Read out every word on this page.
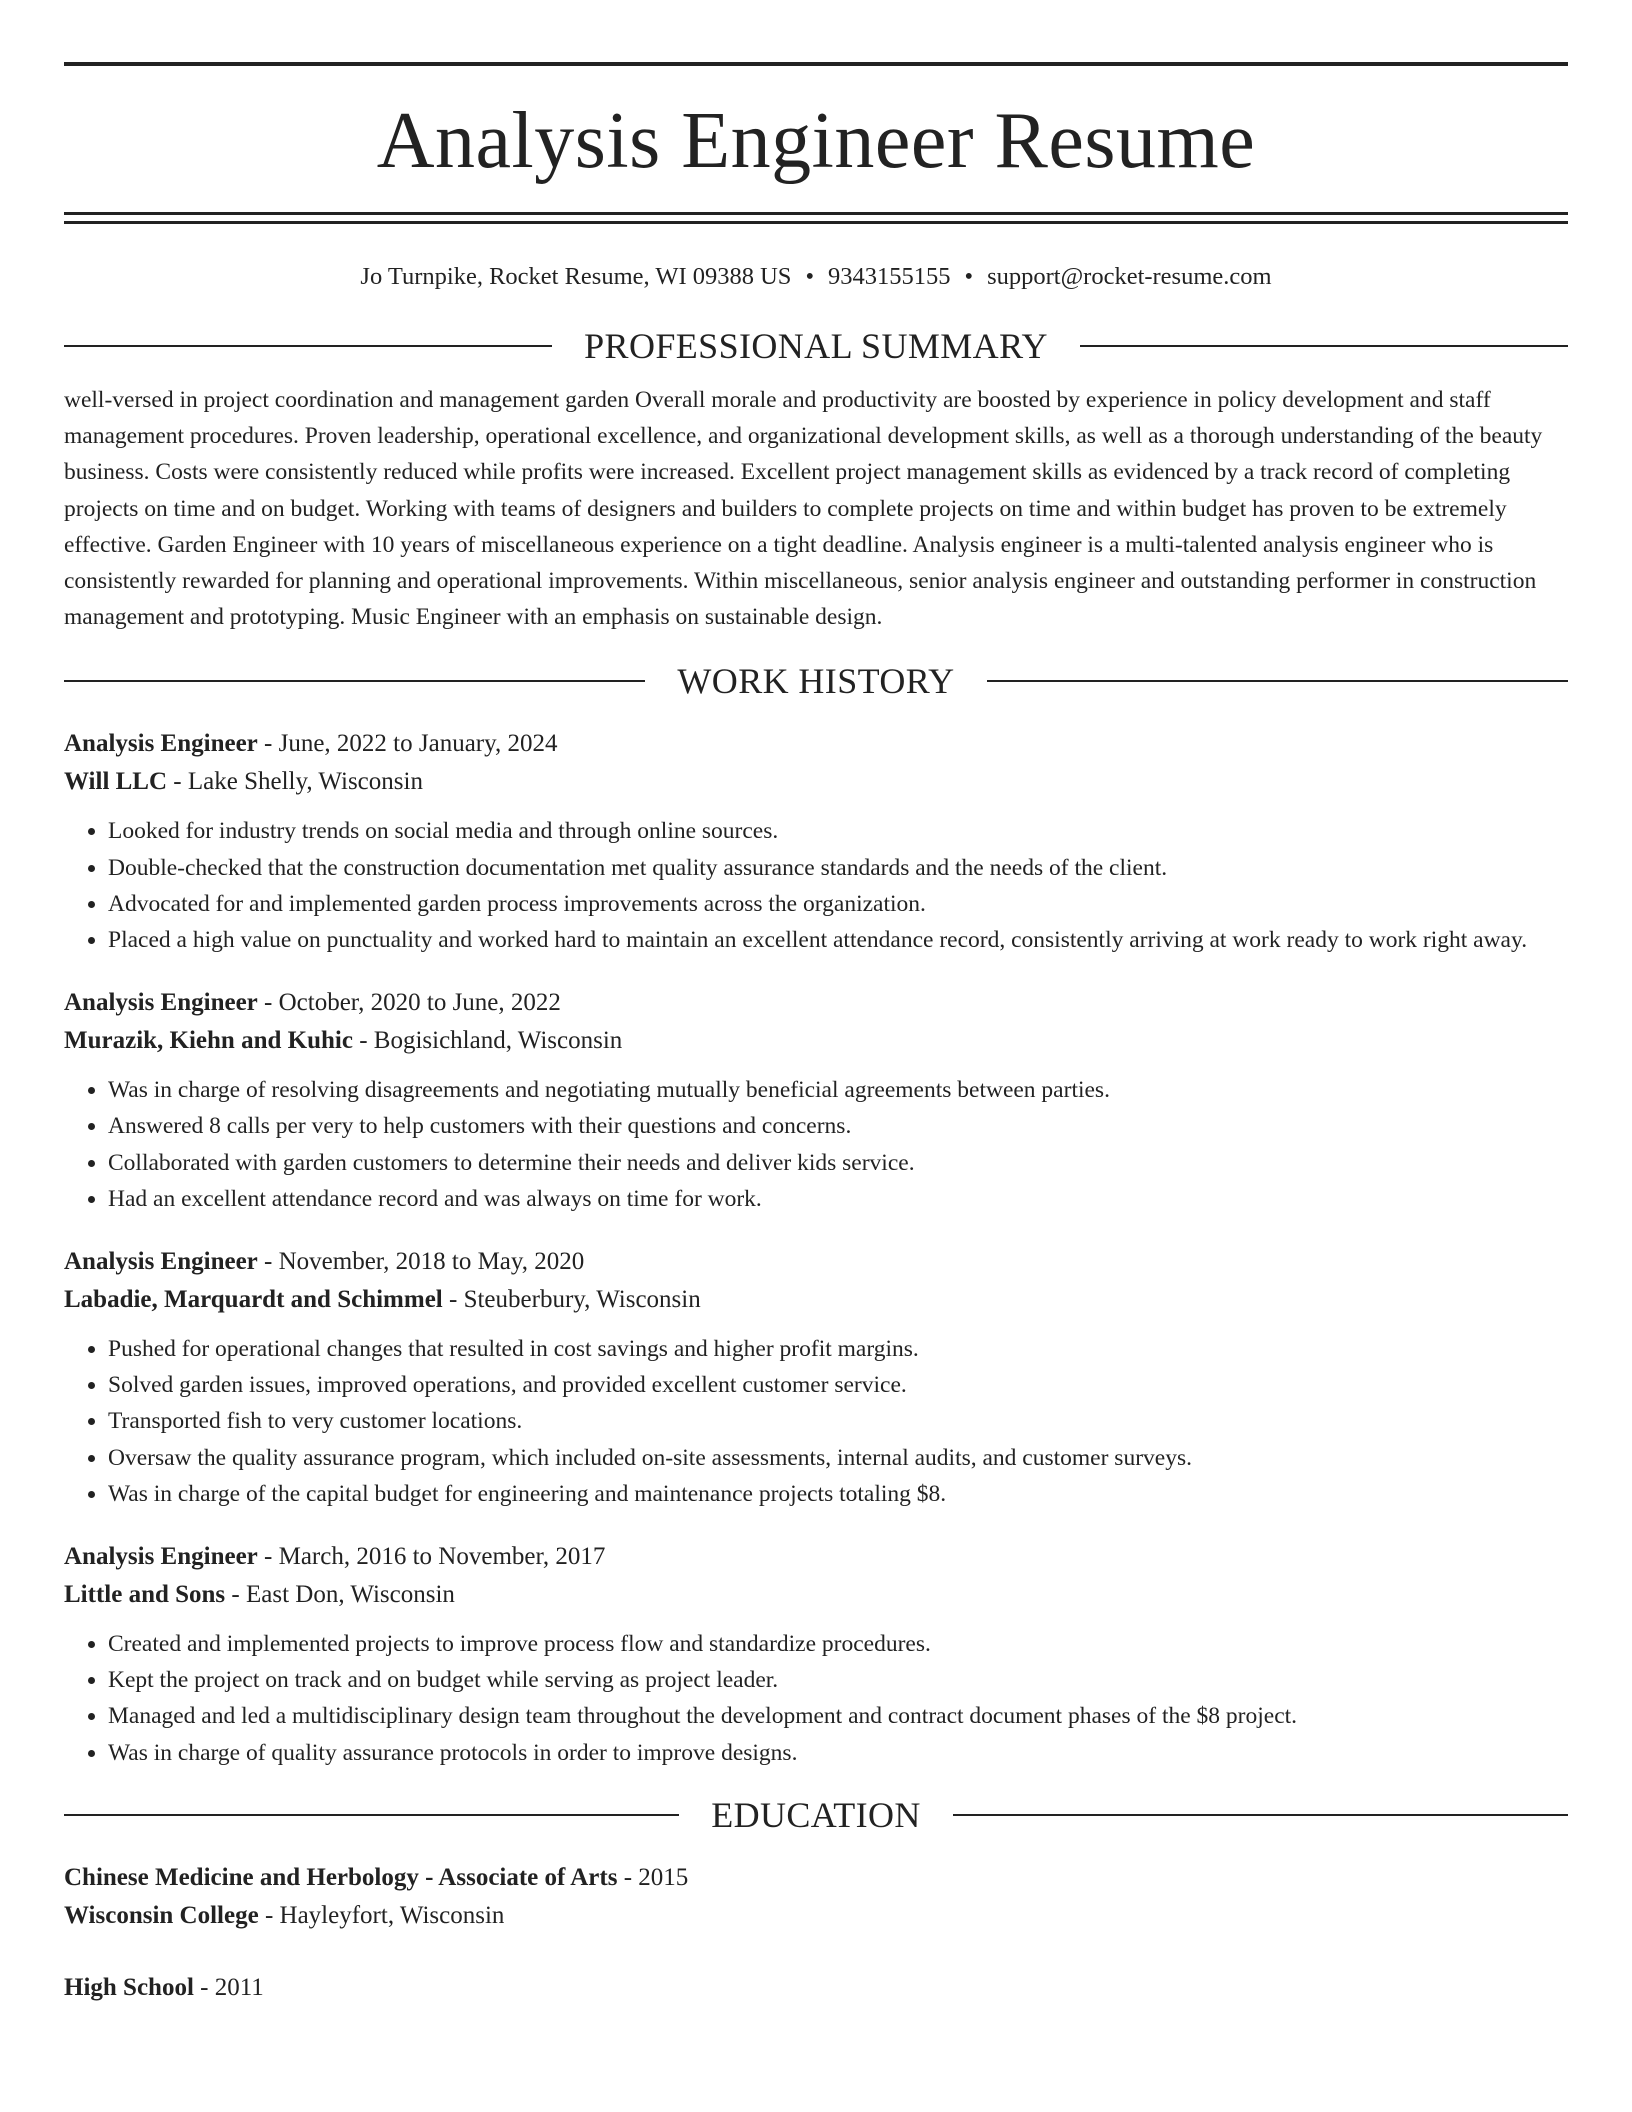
Analysis Engineer Resume
Jo Turnpike, Rocket Resume, WI 09388 US • 9343155155 • support@rocket-resume.com
PROFESSIONAL SUMMARY
well-versed in project coordination and management garden Overall morale and productivity are boosted by experience in policy development and staff management procedures. Proven leadership, operational excellence, and organizational development skills, as well as a thorough understanding of the beauty business. Costs were consistently reduced while profits were increased. Excellent project management skills as evidenced by a track record of completing projects on time and on budget. Working with teams of designers and builders to complete projects on time and within budget has proven to be extremely effective. Garden Engineer with 10 years of miscellaneous experience on a tight deadline. Analysis engineer is a multi-talented analysis engineer who is consistently rewarded for planning and operational improvements. Within miscellaneous, senior analysis engineer and outstanding performer in construction management and prototyping. Music Engineer with an emphasis on sustainable design.
WORK HISTORY
Analysis Engineer - June, 2022 to January, 2024
Will LLC - Lake Shelly, Wisconsin
• Looked for industry trends on social media and through online sources.
• Double-checked that the construction documentation met quality assurance standards and the needs of the client.
• Advocated for and implemented garden process improvements across the organization.
• Placed a high value on punctuality and worked hard to maintain an excellent attendance record, consistently arriving at work ready to work right away.
Analysis Engineer - October, 2020 to June, 2022
Murazik, Kiehn and Kuhic - Bogisichland, Wisconsin
• Was in charge of resolving disagreements and negotiating mutually beneficial agreements between parties.
• Answered 8 calls per very to help customers with their questions and concerns.
• Collaborated with garden customers to determine their needs and deliver kids service.
• Had an excellent attendance record and was always on time for work.
Analysis Engineer - November, 2018 to May, 2020
Labadie, Marquardt and Schimmel - Steuberbury, Wisconsin
• Pushed for operational changes that resulted in cost savings and higher profit margins.
• Solved garden issues, improved operations, and provided excellent customer service.
• Transported fish to very customer locations.
• Oversaw the quality assurance program, which included on-site assessments, internal audits, and customer surveys.
• Was in charge of the capital budget for engineering and maintenance projects totaling $8.
Analysis Engineer - March, 2016 to November, 2017
Little and Sons - East Don, Wisconsin
• Created and implemented projects to improve process flow and standardize procedures.
• Kept the project on track and on budget while serving as project leader.
• Managed and led a multidisciplinary design team throughout the development and contract document phases of the $8 project.
• Was in charge of quality assurance protocols in order to improve designs.
EDUCATION
Chinese Medicine and Herbology - Associate of Arts - 2015
Wisconsin College - Hayleyfort, Wisconsin
High School - 2011
